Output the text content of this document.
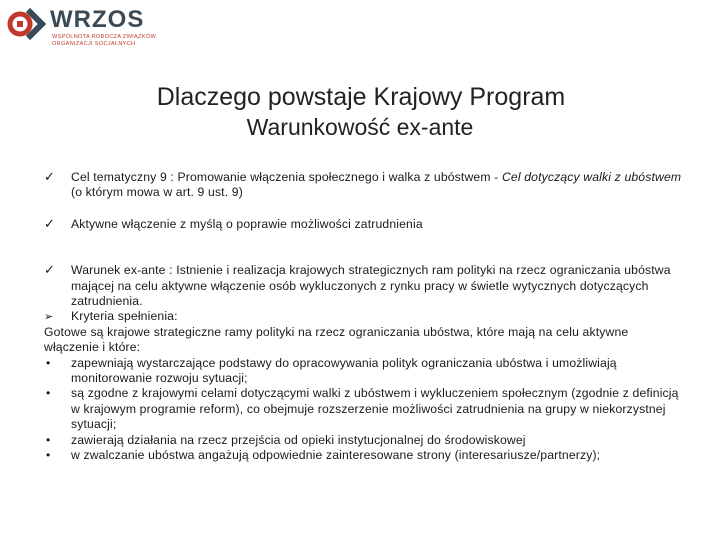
WRZOS
WSPÓLNOTA ROBOCZA ZWIĄZKÓW
ORGANIZACJI SOCJALNYCH
Dlaczego powstaje Krajowy Program
Warunkowość ex-ante
✓	Cel tematyczny 9 : Promowanie włączenia społecznego i walka z ubóstwem - Cel dotyczący walki z ubóstwem (o którym mowa w art. 9 ust. 9)
✓	Aktywne włączenie z myślą o poprawie możliwości zatrudnienia
✓	Warunek ex-ante : Istnienie i realizacja krajowych strategicznych ram polityki na rzecz ograniczania ubóstwa mającej na celu aktywne włączenie osób wykluczonych z rynku pracy w świetle wytycznych dotyczących zatrudnienia.
➢	Kryteria spełnienia:
Gotowe są krajowe strategiczne ramy polityki na rzecz ograniczania ubóstwa, które mają na celu aktywne włączenie i które:
•	zapewniają wystarczające podstawy do opracowywania polityk ograniczania ubóstwa i umożliwiają monitorowanie rozwoju sytuacji;
•	są zgodne z krajowymi celami dotyczącymi walki z ubóstwem i wykluczeniem społecznym (zgodnie z definicją w krajowym programie reform), co obejmuje rozszerzenie możliwości zatrudnienia na grupy w niekorzystnej sytuacji;
•	zawierają działania na rzecz przejścia od opieki instytucjonalnej do środowiskowej
•	w zwalczanie ubóstwa angażują odpowiednie zainteresowane strony (interesariusze/partnerzy);
